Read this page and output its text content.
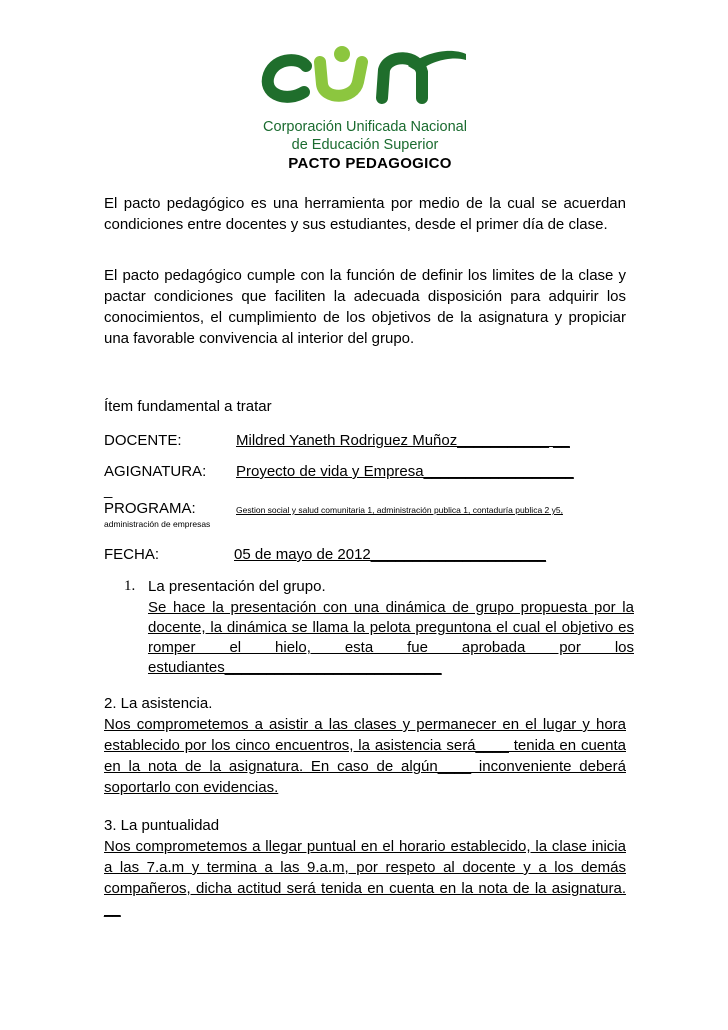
Corporación Unificada Nacional
de Educación Superior
PACTO PEDAGOGICO
El pacto pedagógico es una herramienta por medio de la cual se acuerdan condiciones entre docentes y sus estudiantes, desde el primer día de clase.
El pacto pedagógico cumple con la función de definir los limites de la clase y pactar condiciones que faciliten la adecuada disposición para adquirir los conocimientos, el cumplimiento de los objetivos de la asignatura y propiciar una favorable convivencia al interior del grupo.
Ítem fundamental a tratar
DOCENTE:	Mildred Yaneth Rodriguez Muñoz___________ __
AGIGNATURA: Proyecto de vida y Empresa__________________
_
PROGRAMA:	Gestion social y salud comunitaria 1, administración publica 1, contaduría publica 2 y5,
administración de empresas
FECHA:	05 de mayo de 2012_____________________
1. La presentación del grupo.
Se hace la presentación con una dinámica de grupo propuesta por la docente, la dinámica se llama la pelota preguntona el cual el objetivo es romper el hielo, esta fue aprobada por los estudiantes__________________________
2. La asistencia.
Nos comprometemos a asistir a las clases y permanecer en el lugar y hora establecido por los cinco encuentros, la asistencia será____ tenida en cuenta en la nota de la asignatura. En caso de algún____ inconveniente deberá soportarlo con evidencias.
3. La puntualidad
Nos comprometemos a llegar puntual en el horario establecido, la clase inicia a las 7.a.m y termina a las 9.a.m, por respeto al docente y a los demás compañeros, dicha actitud será tenida en cuenta en la nota de la asignatura. __
